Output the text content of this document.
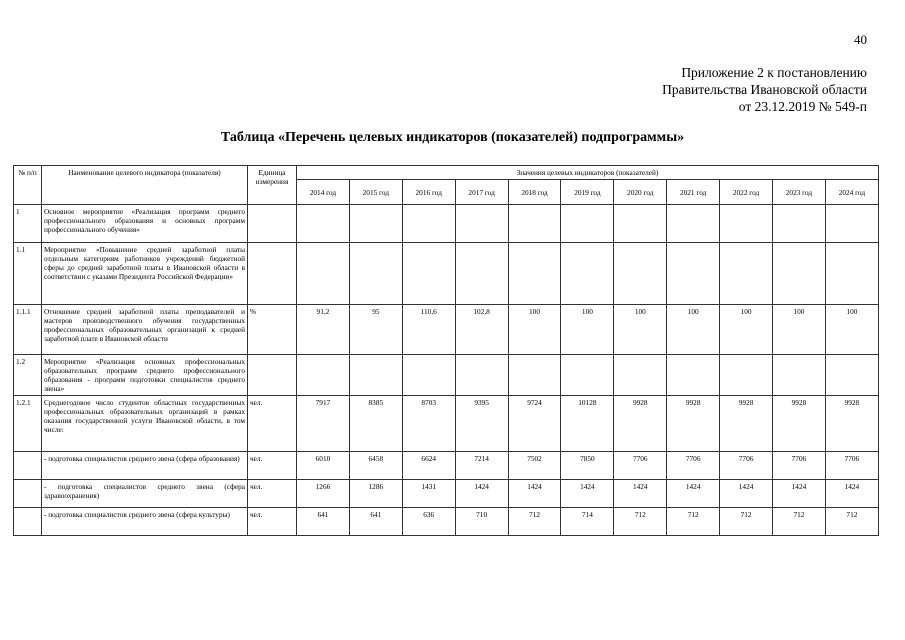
40
Приложение 2 к постановлению
Правительства Ивановской области
от 23.12.2019 № 549-п
Таблица «Перечень целевых индикаторов (показателей) подпрограммы»
№ п/п	Наименование целевого индикатора (показателя)	Единица измерения	Значения целевых индикаторов (показателей)										
			2014 год	2015 год	2016 год	2017 год	2018 год	2019 год	2020 год	2021 год	2022 год	2023 год	2024 год
1	Основное мероприятие «Реализация программ среднего профессионального образования и основных программ профессионального обучения»												
1.1	Мероприятие «Повышение средней заработной платы отдельным категориям работников учреждений бюджетной сферы до средней заработной платы в Ивановской области в соответствии с указами Президента Российской Федерации»												
1.1.1	Отношение средней заработной платы преподавателей и мастеров производственного обучения государственных профессиональных образовательных организаций к средней заработной плате в Ивановской области	%	91,2	95	110,6	102,8	100	100	100	100	100	100	100
1.2	Мероприятие «Реализация основных профессиональных образовательных программ среднего профессионального образования - программ подготовки специалистов среднего звена»												
1.2.1	Среднегодовое число студентов областных государственных профессиональных образовательных организаций в рамках оказания государственной услуги Ивановской области, в том числе:	чел.	7917	8385	8703	9395	9724	10128	9928	9928	9928	9928	9928
	- подготовка специалистов среднего звена (сфера образования)	чел.	6010	6458	6624	7214	7502	7850	7706	7706	7706	7706	7706
	- подготовка специалистов среднего звена (сфера здравоохранения)	чел.	1266	1286	1431	1424	1424	1424	1424	1424	1424	1424	1424
	- подготовка специалистов среднего звена (сфера культуры)	чел.	641	641	636	710	712	714	712	712	712	712	712
